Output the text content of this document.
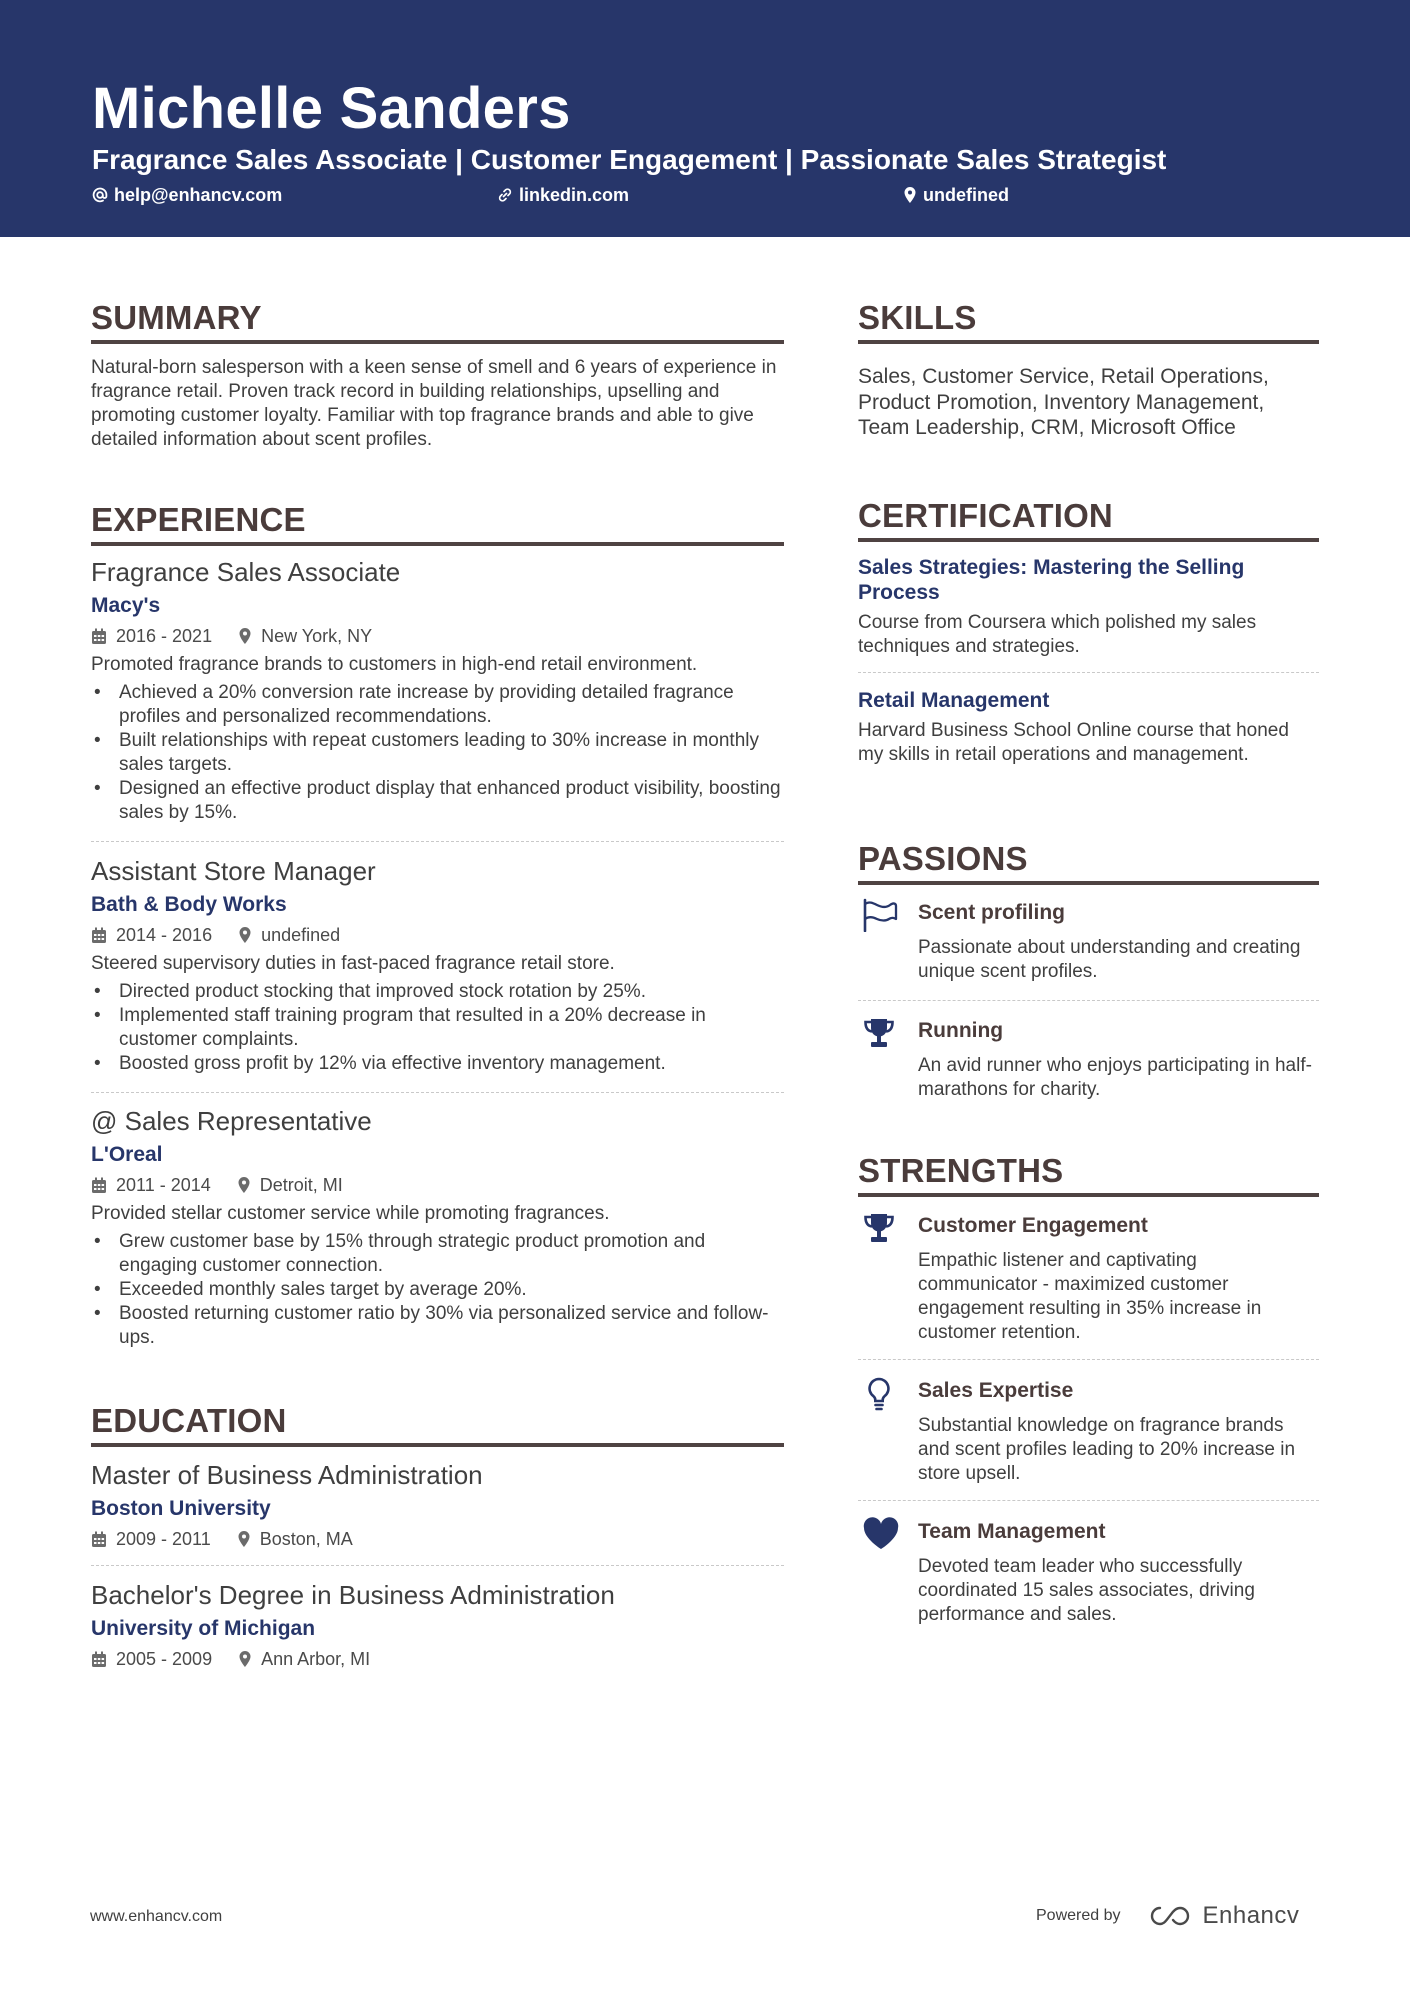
Michelle Sanders
Fragrance Sales Associate | Customer Engagement | Passionate Sales Strategist
help@enhancv.com	linkedin.com	undefined
SUMMARY
Natural-born salesperson with a keen sense of smell and 6 years of experience in fragrance retail. Proven track record in building relationships, upselling and promoting customer loyalty. Familiar with top fragrance brands and able to give detailed information about scent profiles.
EXPERIENCE
Fragrance Sales Associate
Macy's
2016 - 2021	New York, NY
Promoted fragrance brands to customers in high-end retail environment.
• Achieved a 20% conversion rate increase by providing detailed fragrance profiles and personalized recommendations.
• Built relationships with repeat customers leading to 30% increase in monthly sales targets.
• Designed an effective product display that enhanced product visibility, boosting sales by 15%.
Assistant Store Manager
Bath & Body Works
2014 - 2016	undefined
Steered supervisory duties in fast-paced fragrance retail store.
• Directed product stocking that improved stock rotation by 25%.
• Implemented staff training program that resulted in a 20% decrease in customer complaints.
• Boosted gross profit by 12% via effective inventory management.
@ Sales Representative
L'Oreal
2011 - 2014	Detroit, MI
Provided stellar customer service while promoting fragrances.
• Grew customer base by 15% through strategic product promotion and engaging customer connection.
• Exceeded monthly sales target by average 20%.
• Boosted returning customer ratio by 30% via personalized service and follow-ups.
EDUCATION
Master of Business Administration
Boston University
2009 - 2011	Boston, MA
Bachelor's Degree in Business Administration
University of Michigan
2005 - 2009	Ann Arbor, MI
SKILLS
Sales, Customer Service, Retail Operations, Product Promotion, Inventory Management, Team Leadership, CRM, Microsoft Office
CERTIFICATION
Sales Strategies: Mastering the Selling Process
Course from Coursera which polished my sales techniques and strategies.
Retail Management
Harvard Business School Online course that honed my skills in retail operations and management.
PASSIONS
Scent profiling
Passionate about understanding and creating unique scent profiles.
Running
An avid runner who enjoys participating in half-marathons for charity.
STRENGTHS
Customer Engagement
Empathic listener and captivating communicator - maximized customer engagement resulting in 35% increase in customer retention.
Sales Expertise
Substantial knowledge on fragrance brands and scent profiles leading to 20% increase in store upsell.
Team Management
Devoted team leader who successfully coordinated 15 sales associates, driving performance and sales.
www.enhancv.com	Powered by	Enhancv
